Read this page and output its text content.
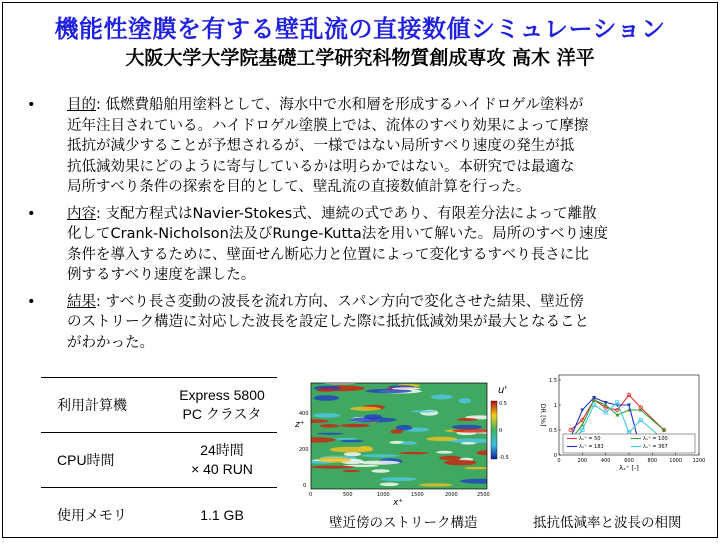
機能性塗膜を有する壁乱流の直接数値シミュレーション
大阪大学大学院基礎工学研究科物質創成専攻 高木 洋平
• 目的: 低燃費船舶用塗料として、海水中で水和層を形成するハイドロゲル塗料が
近年注目されている。ハイドロゲル塗膜上では、流体のすべり効果によって摩擦
抵抗が減少することが予想されるが、一様ではない局所すべり速度の発生が抵
抗低減効果にどのように寄与しているかは明らかではない。本研究では最適な
局所すべり条件の探索を目的として、壁乱流の直接数値計算を行った。
• 内容: 支配方程式はNavier-Stokes式、連続の式であり、有限差分法によって離散
化してCrank-Nicholson法及びRunge-Kutta法を用いて解いた。局所のすべり速度
条件を導入するために、壁面せん断応力と位置によって変化するすべり長さに比
例するすべり速度を課した。
• 結果: すべり長さ変動の波長を流れ方向、スパン方向で変化させた結果、壁近傍
のストリーク構造に対応した波長を設定した際に抵抗低減効果が最大となること
がわかった。
利用計算機	Express 5800
PC クラスタ

CPU時間	24時間
× 40 RUN

使用メモリ	1.1 GB
u'
0.5
0
-0.5
z⁺
0
200
400
0	500	1000	1500	2000	2500
x⁺
壁近傍のストリーク構造
0	200	400	600	800 1000 1200
0
0.5
1
1.5
λₓ⁺ [-]
DR [%]
λₓ⁺ = 50	λₓ⁺ = 100
λₓ⁺ = 183	λₓ⁺ = 367
抵抗低減率と波長の相関
